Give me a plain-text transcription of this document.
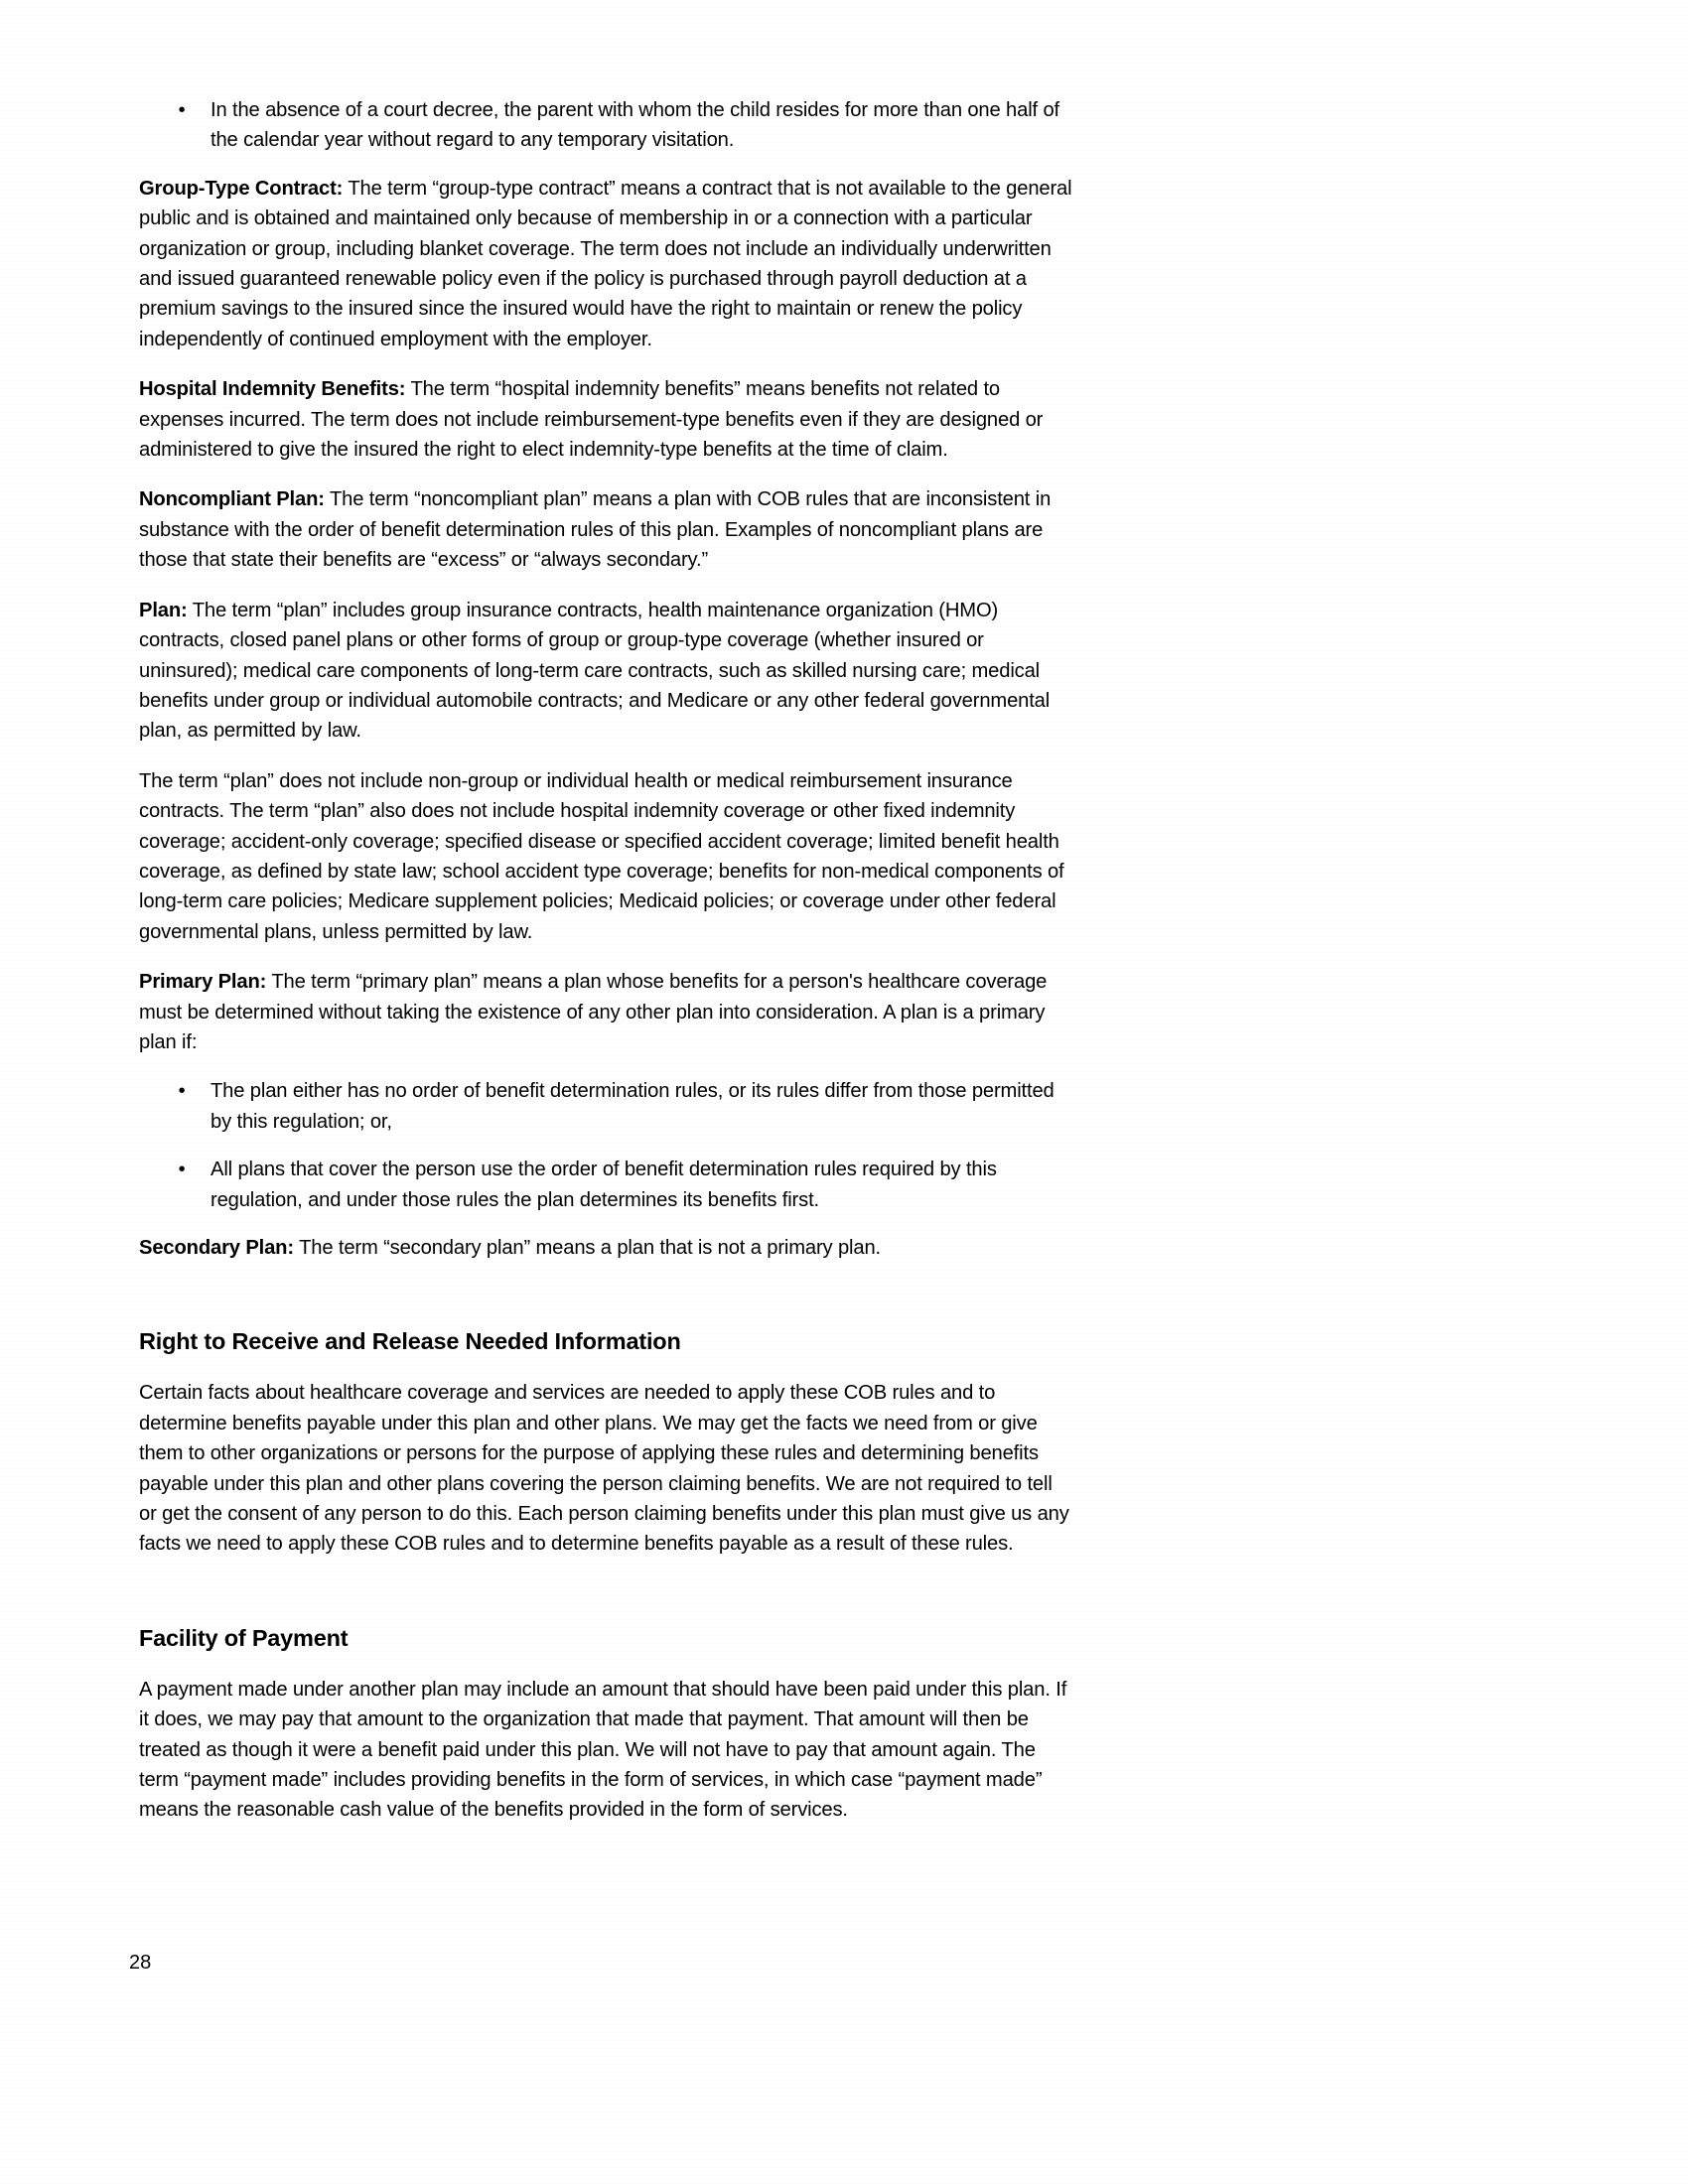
• In the absence of a court decree, the parent with whom the child resides for more than one half of the calendar year without regard to any temporary visitation.

Group-Type Contract: The term “group-type contract” means a contract that is not available to the general public and is obtained and maintained only because of membership in or a connection with a particular organization or group, including blanket coverage. The term does not include an individually underwritten and issued guaranteed renewable policy even if the policy is purchased through payroll deduction at a premium savings to the insured since the insured would have the right to maintain or renew the policy independently of continued employment with the employer.

Hospital Indemnity Benefits: The term “hospital indemnity benefits” means benefits not related to expenses incurred. The term does not include reimbursement-type benefits even if they are designed or administered to give the insured the right to elect indemnity-type benefits at the time of claim.

Noncompliant Plan: The term “noncompliant plan” means a plan with COB rules that are inconsistent in substance with the order of benefit determination rules of this plan. Examples of noncompliant plans are those that state their benefits are “excess” or “always secondary.”

Plan: The term “plan” includes group insurance contracts, health maintenance organization (HMO) contracts, closed panel plans or other forms of group or group-type coverage (whether insured or uninsured); medical care components of long-term care contracts, such as skilled nursing care; medical benefits under group or individual automobile contracts; and Medicare or any other federal governmental plan, as permitted by law.

The term “plan” does not include non-group or individual health or medical reimbursement insurance contracts. The term “plan” also does not include hospital indemnity coverage or other fixed indemnity coverage; accident-only coverage; specified disease or specified accident coverage; limited benefit health coverage, as defined by state law; school accident type coverage; benefits for non-medical components of long-term care policies; Medicare supplement policies; Medicaid policies; or coverage under other federal governmental plans, unless permitted by law.

Primary Plan: The term “primary plan” means a plan whose benefits for a person's healthcare coverage must be determined without taking the existence of any other plan into consideration. A plan is a primary plan if:

• The plan either has no order of benefit determination rules, or its rules differ from those permitted by this regulation; or,
• All plans that cover the person use the order of benefit determination rules required by this regulation, and under those rules the plan determines its benefits first.

Secondary Plan: The term “secondary plan” means a plan that is not a primary plan.

Right to Receive and Release Needed Information

Certain facts about healthcare coverage and services are needed to apply these COB rules and to determine benefits payable under this plan and other plans. We may get the facts we need from or give them to other organizations or persons for the purpose of applying these rules and determining benefits payable under this plan and other plans covering the person claiming benefits. We are not required to tell or get the consent of any person to do this. Each person claiming benefits under this plan must give us any facts we need to apply these COB rules and to determine benefits payable as a result of these rules.

Facility of Payment

A payment made under another plan may include an amount that should have been paid under this plan. If it does, we may pay that amount to the organization that made that payment. That amount will then be treated as though it were a benefit paid under this plan. We will not have to pay that amount again. The term “payment made” includes providing benefits in the form of services, in which case “payment made” means the reasonable cash value of the benefits provided in the form of services.

28
